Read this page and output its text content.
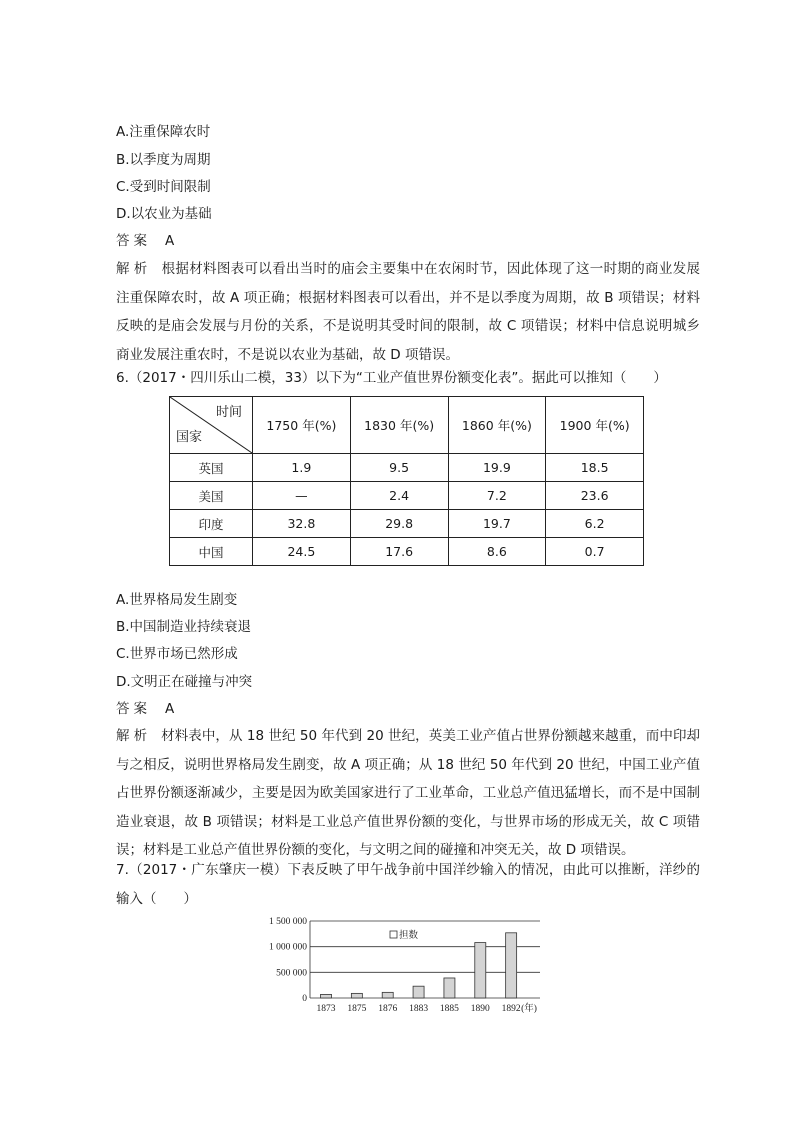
A.注重保障农时
B.以季度为周期
C.受到时间限制
D.以农业为基础
答案 A
解析 根据材料图表可以看出当时的庙会主要集中在农闲时节，因此体现了这一时期的商业发展注重保障农时，故 A 项正确；根据材料图表可以看出，并不是以季度为周期，故 B 项错误；材料反映的是庙会发展与月份的关系，不是说明其受时间的限制，故 C 项错误；材料中信息说明城乡商业发展注重农时，不是说以农业为基础，故 D 项错误。
6.（2017・四川乐山二模，33）以下为“工业产值世界份额变化表”。据此可以推知（　　）
时间
国家	1750 年(%)	1830 年(%)	1860 年(%)	1900 年(%)
英国	1.9	9.5	19.9	18.5
美国	—	2.4	7.2	23.6
印度	32.8	29.8	19.7	6.2
中国	24.5	17.6	8.6	0.7
A.世界格局发生剧变
B.中国制造业持续衰退
C.世界市场已然形成
D.文明正在碰撞与冲突
答案 A
解析 材料表中，从 18 世纪 50 年代到 20 世纪，英美工业产值占世界份额越来越重，而中印却与之相反，说明世界格局发生剧变，故 A 项正确；从 18 世纪 50 年代到 20 世纪，中国工业产值占世界份额逐渐减少，主要是因为欧美国家进行了工业革命，工业总产值迅猛增长，而不是中国制造业衰退，故 B 项错误；材料是工业总产值世界份额的变化，与世界市场的形成无关，故 C 项错误；材料是工业总产值世界份额的变化，与文明之间的碰撞和冲突无关，故 D 项错误。
7.（2017・广东肇庆一模）下表反映了甲午战争前中国洋纱输入的情况，由此可以推断，洋纱的输入（　　）
0
500 000
1 000 000
1 500 000
1873 1875 1876 1883 1885 1890 1892 (年)
担数
